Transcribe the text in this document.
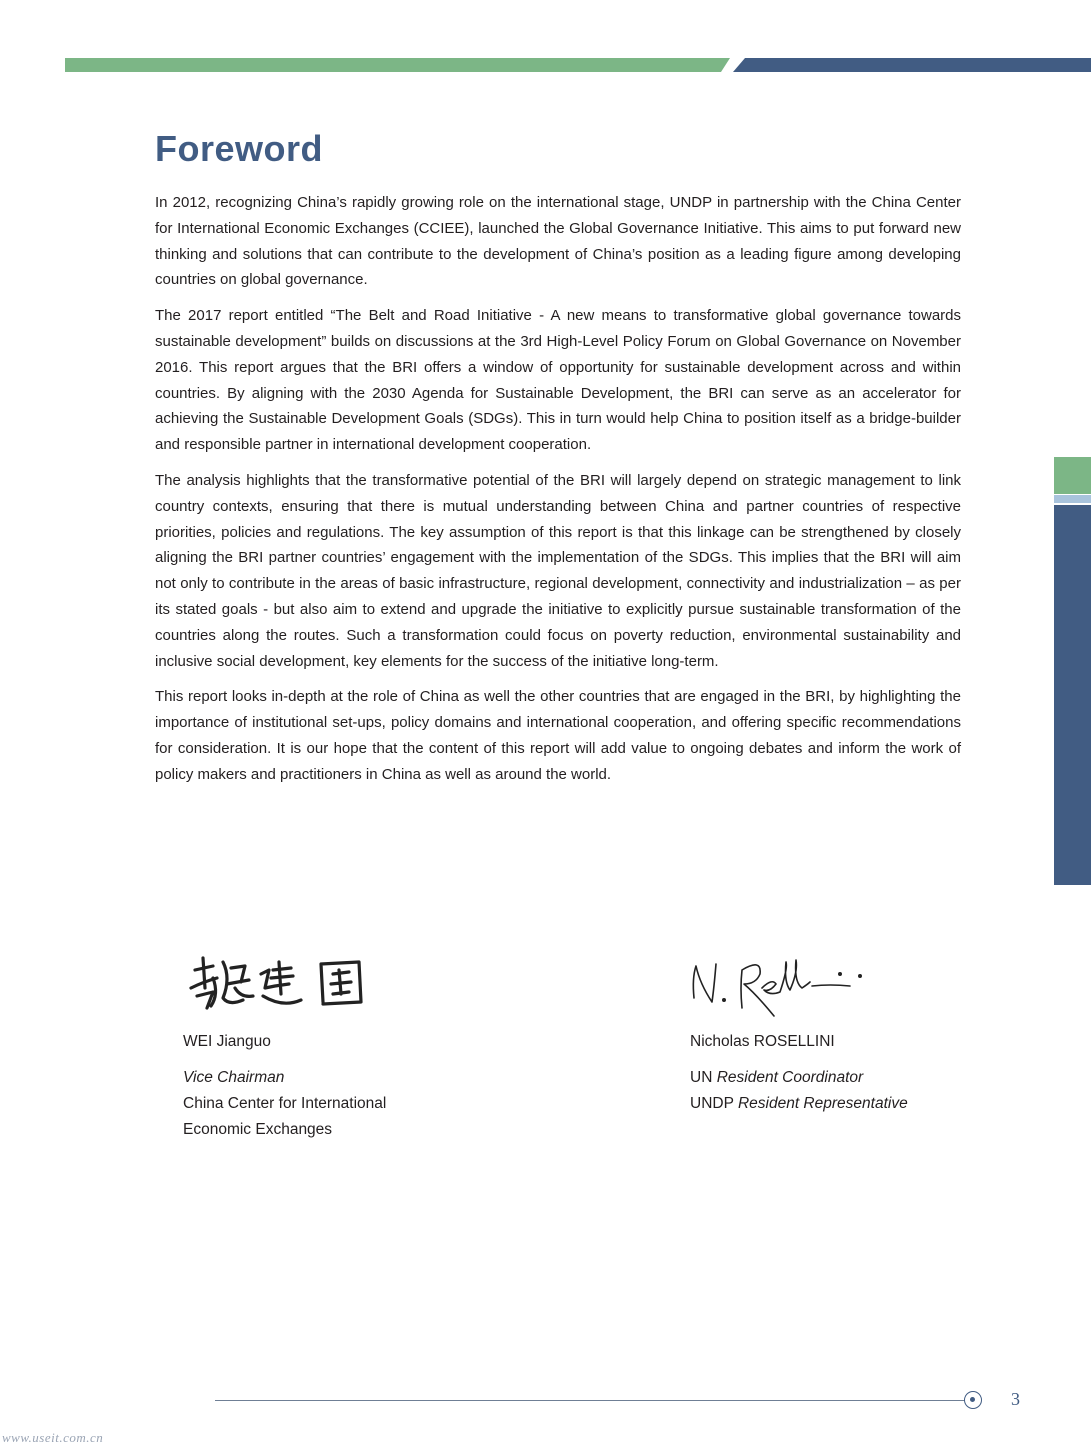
Foreword

In 2012, recognizing China’s rapidly growing role on the international stage, UNDP in partnership with the China Center for International Economic Exchanges (CCIEE), launched the Global Governance Initiative. This aims to put forward new thinking and solutions that can contribute to the development of China’s position as a leading figure among developing countries on global governance.

The 2017 report entitled “The Belt and Road Initiative - A new means to transformative global governance towards sustainable development” builds on discussions at the 3rd High-Level Policy Forum on Global Governance on November 2016. This report argues that the BRI offers a window of opportunity for sustainable development across and within countries. By aligning with the 2030 Agenda for Sustainable Development, the BRI can serve as an accelerator for achieving the Sustainable Development Goals (SDGs). This in turn would help China to position itself as a bridge-builder and responsible partner in international development cooperation.

The analysis highlights that the transformative potential of the BRI will largely depend on strategic management to link country contexts, ensuring that there is mutual understanding between China and partner countries of respective priorities, policies and regulations. The key assumption of this report is that this linkage can be strengthened by closely aligning the BRI partner countries’ engagement with the implementation of the SDGs. This implies that the BRI will aim not only to contribute in the areas of basic infrastructure, regional development, connectivity and industrialization – as per its stated goals - but also aim to extend and upgrade the initiative to explicitly pursue sustainable transformation of the countries along the routes. Such a transformation could focus on poverty reduction, environmental sustainability and inclusive social development, key elements for the success of the initiative long-term.

This report looks in-depth at the role of China as well the other countries that are engaged in the BRI, by highlighting the importance of institutional set-ups, policy domains and international cooperation, and offering specific recommendations for consideration. It is our hope that the content of this report will add value to ongoing debates and inform the work of policy makers and practitioners in China as well as around the world.

WEI Jianguo
Vice Chairman
China Center for International
Economic Exchanges
Nicholas ROSELLINI
UN Resident Coordinator
UNDP Resident Representative
3
www.useit.com.cn
